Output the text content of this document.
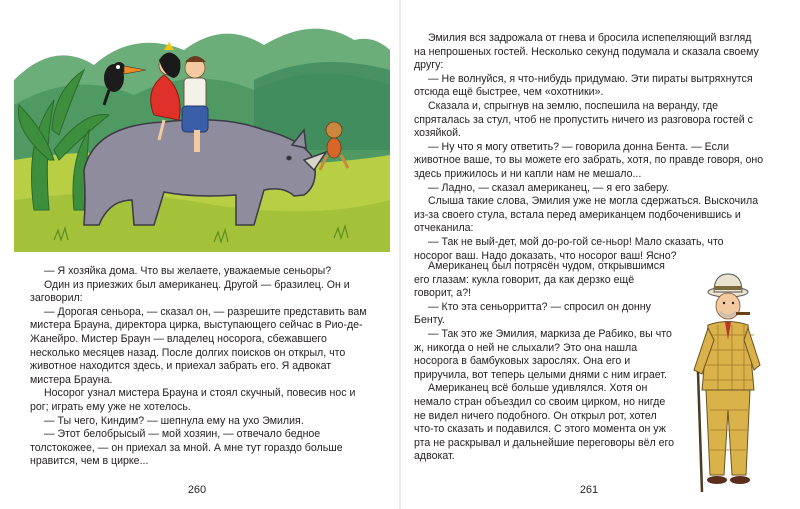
— Я хозяйка дома. Что вы желаете, уважаемые сеньоры?

Один из приезжих был американец. Другой — бразилец. Он и заговорил:

— Дорогая сеньора, — сказал он, — разрешите представить вам мистера Брауна, директора цирка, выступающего сейчас в Рио-де-Жанейро. Мистер Браун — владелец носорога, сбежавшего несколько месяцев назад. После долгих поисков он открыл, что животное находится здесь, и приехал забрать его. Я адвокат мистера Брауна.

Носорог узнал мистера Брауна и стоял скучный, повесив нос и рог; играть ему уже не хотелось.

— Ты чего, Киндим? — шепнула ему на ухо Эмилия.

— Этот белобрысый — мой хозяин, — отвечало бедное толстокожее, — он приехал за мной. А мне тут гораздо больше нравится, чем в цирке...

260

Эмилия вся задрожала от гнева и бросила испепеляющий взгляд на непрошеных гостей. Несколько секунд подумала и сказала своему другу:

— Не волнуйся, я что-нибудь придумаю. Эти пираты вытряхнутся отсюда ещё быстрее, чем «охотники».

Сказала и, спрыгнув на землю, поспешила на веранду, где спряталась за стул, чтоб не пропустить ничего из разговора гостей с хозяйкой.

— Ну что я могу ответить? — говорила донна Бента. — Если животное ваше, то вы можете его забрать, хотя, по правде говоря, оно здесь прижилось и ни капли нам не мешало...

— Ладно, — сказал американец, — я его заберу.

Слыша такие слова, Эмилия уже не могла сдержаться. Выскочила из-за своего стула, встала перед американцем подбоченившись и отчеканила:

— Так не вый-дет, мой до-ро-гой се-ньор! Мало сказать, что носорог ваш. Надо доказать, что носорог ваш! Ясно?

Американец был потрясён чудом, открывшимся его глазам: кукла говорит, да как дерзко ещё говорит, а?!

— Кто эта сеньорритта? — спросил он донну Бенту.

— Так это же Эмилия, маркиза де Рабико, вы что ж, никогда о ней не слыхали? Это она нашла носорога в бамбуковых зарослях. Она его и приручила, вот теперь целыми днями с ним играет.

Американец всё больше удивлялся. Хотя он немало стран объездил со своим цирком, но нигде не видел ничего подобного. Он открыл рот, хотел что-то сказать и подавился. С этого момента он уж рта не раскрывал и дальнейшие переговоры вёл его адвокат.

261
